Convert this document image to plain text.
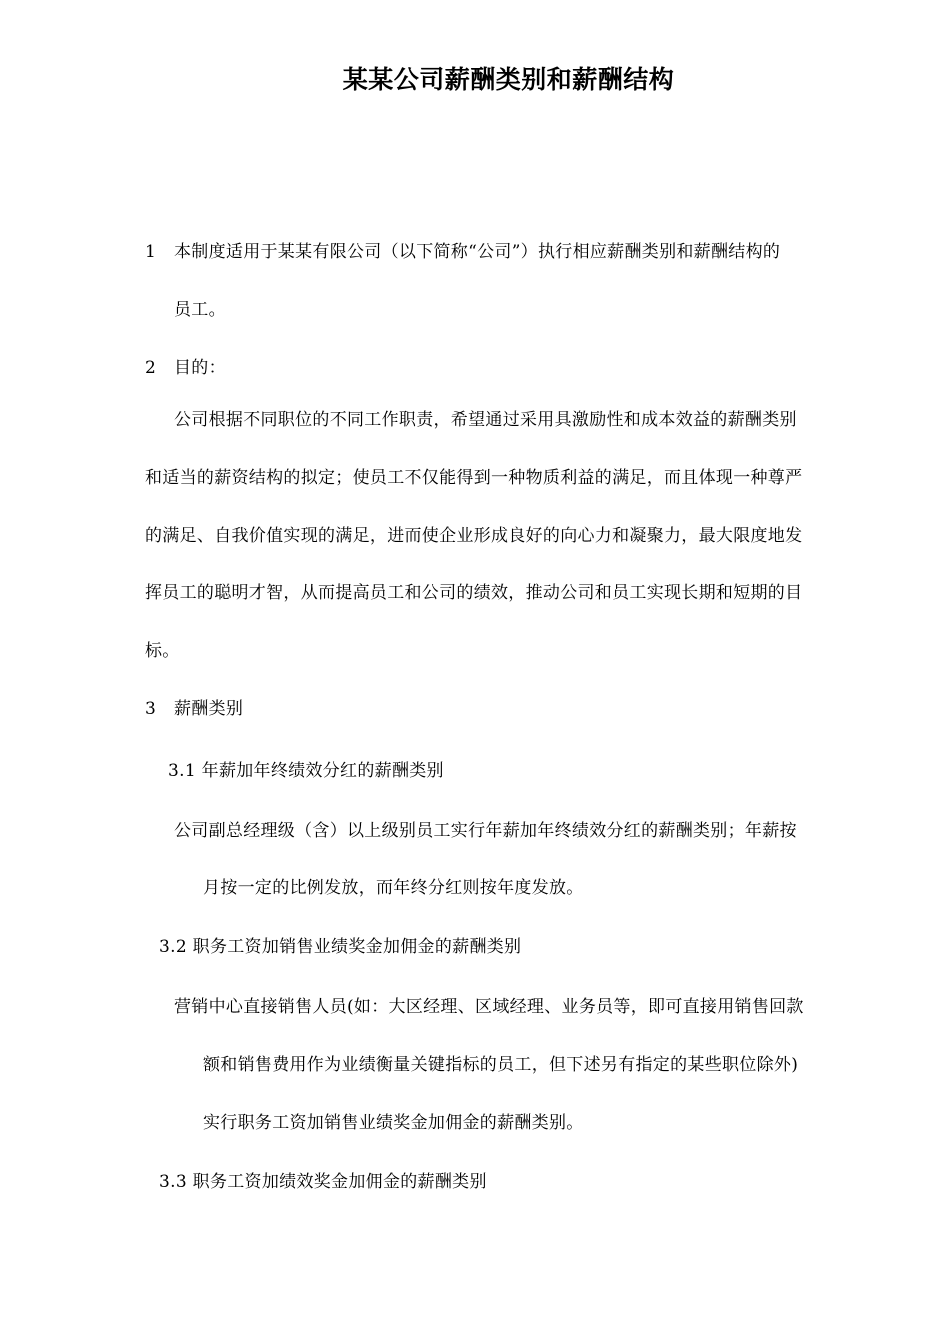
某某公司薪酬类别和薪酬结构
1 本制度适用于某某有限公司（以下简称“公司”）执行相应薪酬类别和薪酬结构的
员工。
2 目的：
公司根据不同职位的不同工作职责，希望通过采用具激励性和成本效益的薪酬类别
和适当的薪资结构的拟定；使员工不仅能得到一种物质利益的满足，而且体现一种尊严
的满足、自我价值实现的满足，进而使企业形成良好的向心力和凝聚力，最大限度地发
挥员工的聪明才智，从而提高员工和公司的绩效，推动公司和员工实现长期和短期的目
标。
3 薪酬类别
3.1 年薪加年终绩效分红的薪酬类别
公司副总经理级（含）以上级别员工实行年薪加年终绩效分红的薪酬类别；年薪按
月按一定的比例发放，而年终分红则按年度发放。
3.2 职务工资加销售业绩奖金加佣金的薪酬类别
营销中心直接销售人员(如：大区经理、区域经理、业务员等，即可直接用销售回款
额和销售费用作为业绩衡量关键指标的员工，但下述另有指定的某些职位除外)
实行职务工资加销售业绩奖金加佣金的薪酬类别。
3.3 职务工资加绩效奖金加佣金的薪酬类别
